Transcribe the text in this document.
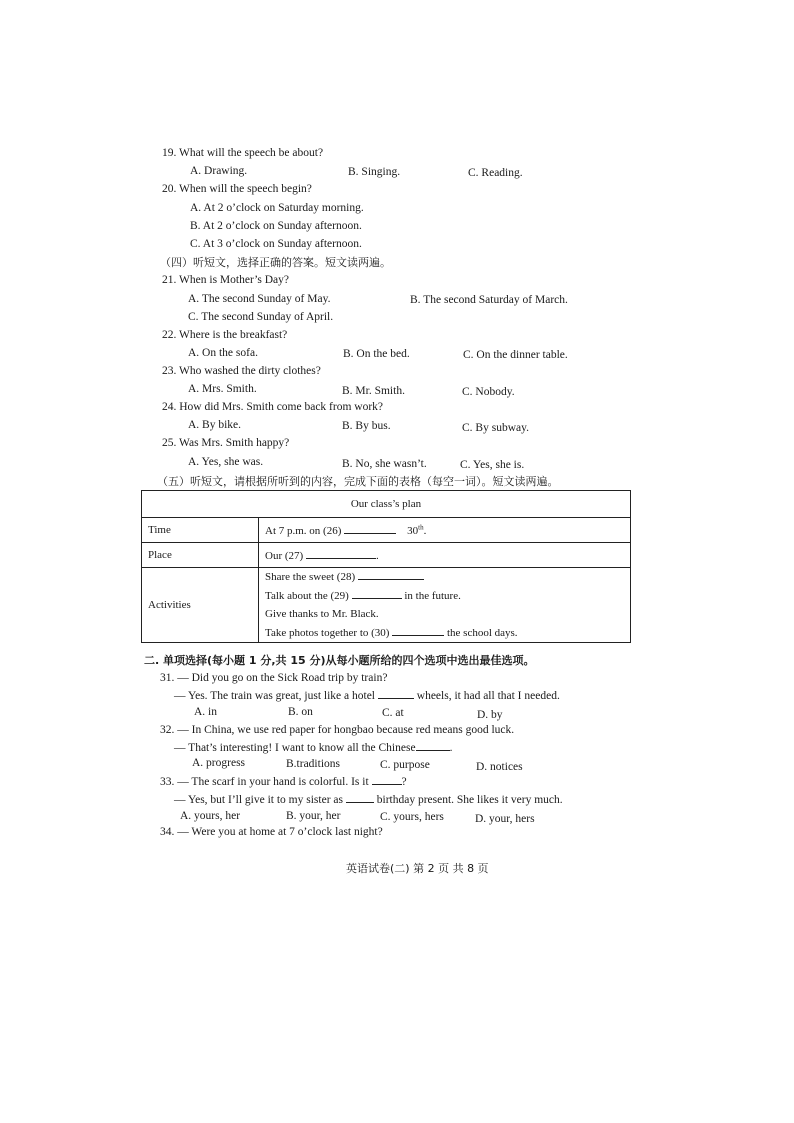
19. What will the speech be about?
A. Drawing.	B. Singing.	C. Reading.
20. When will the speech begin?
A. At 2 o’clock on Saturday morning.
B. At 2 o’clock on Sunday afternoon.
C. At 3 o’clock on Sunday afternoon.
（四）听短文，选择正确的答案。短文读两遍。
21. When is Mother’s Day?
A. The second Sunday of May.	B. The second Saturday of March.
C. The second Sunday of April.
22. Where is the breakfast?
A. On the sofa.	B. On the bed.	C. On the dinner table.
23. Who washed the dirty clothes?
A. Mrs. Smith.	B. Mr. Smith.	C. Nobody.
24. How did Mrs. Smith come back from work?
A. By bike.	B. By bus.	C. By subway.
25. Was Mrs. Smith happy?
A. Yes, she was.	B. No, she wasn’t.	C. Yes, she is.
（五）听短文，请根据所听到的内容，完成下面的表格（每空一词）。短文读两遍。
Our class’s plan	
Time	At 7 p.m. on (26) 30th.
Place	Our (27) .
Activities	Share the sweet (28)
Talk about the (29) in the future.
Give thanks to Mr. Black.
Take photos together to (30) the school days.
二. 单项选择(每小题 1 分,共 15 分)从每小题所给的四个选项中选出最佳选项。
31. — Did you go on the Sick Road trip by train?
— Yes. The train was great, just like a hotel	wheels, it had all that I needed.
A. in	B. on	C. at	D. by
32. — In China, we use red paper for hongbao because red means good luck.
— That’s interesting! I want to know all the Chinese	.
A. progress	B.traditions	C. purpose	D. notices
33. — The scarf in your hand is colorful. Is it	?
— Yes, but I’ll give it to my sister as	birthday present. She likes it very much.
A. yours, her	B. your, her	C. yours, hers	D. your, hers
34. — Were you at home at 7 o’clock last night?
英语试卷(二) 第 2 页 共 8 页
